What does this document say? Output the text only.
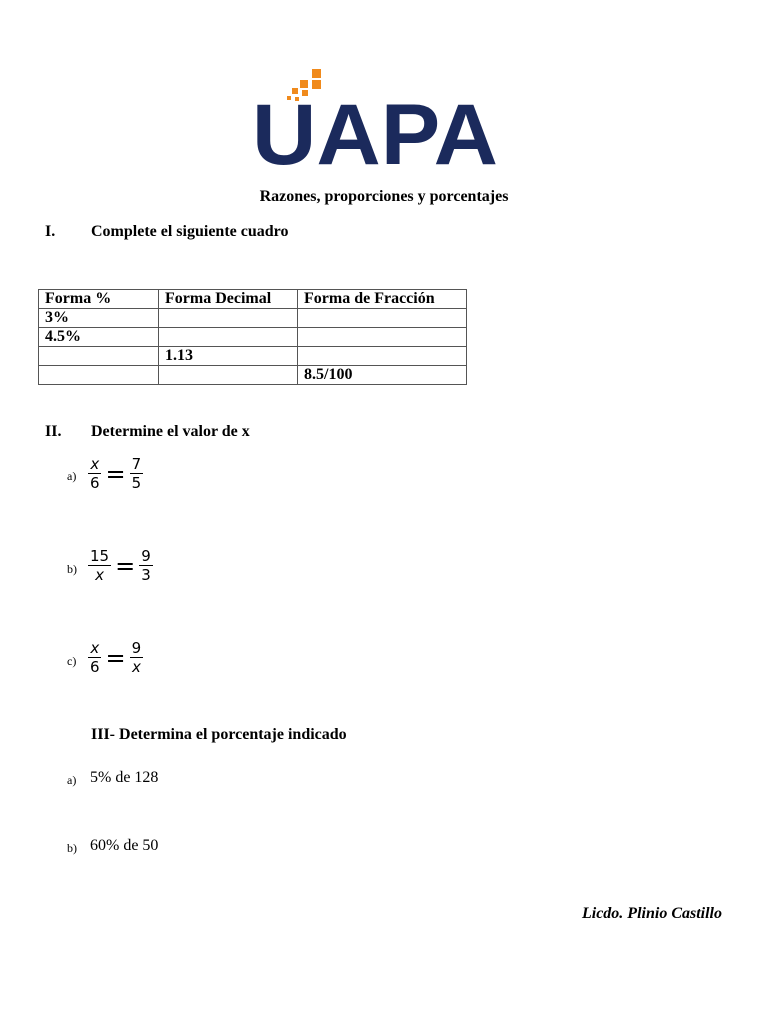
UAPA
Razones, proporciones y porcentajes
I. Complete el siguiente cuadro
Forma %	Forma Decimal	Forma de Fracción
3%		
4.5%		
	1.13	
		8.5/100
II. Determine el valor de x
$a) \frac{x}{6} = \frac{7}{5}$
$b) \frac{15}{x} = \frac{9}{3}$
$c) \frac{x}{6} = \frac{9}{x}$
III- Determina el porcentaje indicado
a) 5% de 128
b) 60% de 50
Licdo. Plinio Castillo
